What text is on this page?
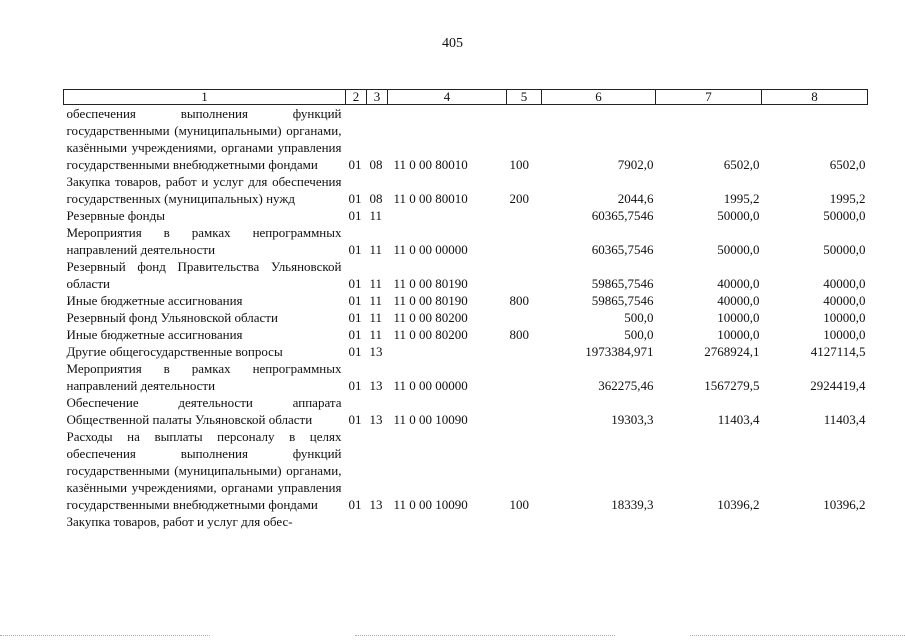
405
1	2	3	4	5	6	7	8
обеспечения выполнения функций государственными (муниципальными) органами, казёнными учреждениями, органами управления государственными внебюджетными фондами	01	08	11 0 00 80010	100	7902,0	6502,0	6502,0
Закупка товаров, работ и услуг для обеспечения государственных (муниципальных) нужд	01	08	11 0 00 80010	200	2044,6	1995,2	1995,2
Резервные фонды	01	11			60365,7546	50000,0	50000,0
Мероприятия в рамках непрограммных направлений деятельности	01	11	11 0 00 00000		60365,7546	50000,0	50000,0
Резервный фонд Правительства Ульяновской области	01	11	11 0 00 80190		59865,7546	40000,0	40000,0
Иные бюджетные ассигнования	01	11	11 0 00 80190	800	59865,7546	40000,0	40000,0
Резервный фонд Ульяновской области	01	11	11 0 00 80200		500,0	10000,0	10000,0
Иные бюджетные ассигнования	01	11	11 0 00 80200	800	500,0	10000,0	10000,0
Другие общегосударственные вопросы	01	13			1973384,971	2768924,1	4127114,5
Мероприятия в рамках непрограммных направлений деятельности	01	13	11 0 00 00000		362275,46	1567279,5	2924419,4
Обеспечение деятельности аппарата Общественной палаты Ульяновской области	01	13	11 0 00 10090		19303,3	11403,4	11403,4
Расходы на выплаты персоналу в целях обеспечения выполнения функций государственными (муниципальными) органами, казёнными учреждениями, органами управления государственными внебюджетными фондами	01	13	11 0 00 10090	100	18339,3	10396,2	10396,2
Закупка товаров, работ и услуг для обес-							
